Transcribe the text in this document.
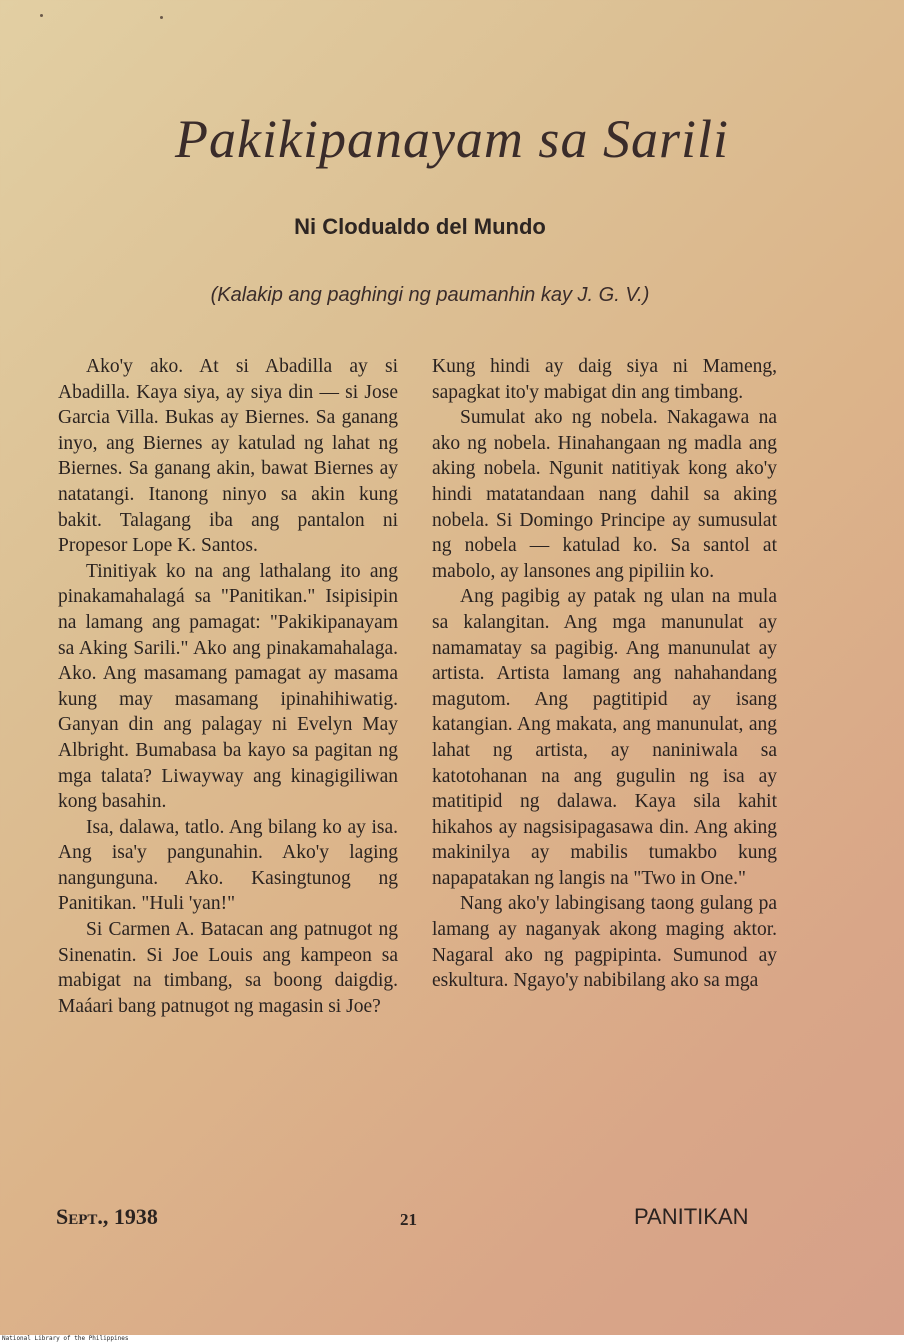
Pakikipanayam sa Sarili
Ni Clodualdo del Mundo
(Kalakip ang paghingi ng paumanhin kay J. G. V.)

Ako'y ako. At si Abadilla ay si Abadilla. Kaya siya, ay siya din — si Jose Garcia Villa. Bukas ay Biernes. Sa ganang inyo, ang Biernes ay katulad ng lahat ng Biernes. Sa ganang akin, bawat Biernes ay natatangi. Itanong ninyo sa akin kung bakit. Talagang iba ang pantalon ni Propesor Lope K. Santos.

Tinitiyak ko na ang lathalang ito ang pinakamahalagá sa "Panitikan." Isipisipin na lamang ang pamagat: "Pakikipanayam sa Aking Sarili." Ako ang pinakamahalaga. Ako. Ang masamang pamagat ay masama kung may masamang ipinahihiwatig. Ganyan din ang palagay ni Evelyn May Albright. Bumabasa ba kayo sa pagitan ng mga talata? Liwayway ang kinagigiliwan kong basahin.

Isa, dalawa, tatlo. Ang bilang ko ay isa. Ang isa'y pangunahin. Ako'y laging nangunguna. Ako. Kasingtunog ng Panitikan. "Huli 'yan!"

Si Carmen A. Batacan ang patnugot ng Sinenatin. Si Joe Louis ang kampeon sa mabigat na timbang, sa boong daigdig. Maáari bang patnugot ng magasin si Joe?

Kung hindi ay daig siya ni Mameng, sapagkat ito'y mabigat din ang timbang.

Sumulat ako ng nobela. Nakagawa na ako ng nobela. Hinahangaan ng madla ang aking nobela. Ngunit natitiyak kong ako'y hindi matatandaan nang dahil sa aking nobela. Si Domingo Principe ay sumusulat ng nobela — katulad ko. Sa santol at mabolo, ay lansones ang pipiliin ko.

Ang pagibig ay patak ng ulan na mula sa kalangitan. Ang mga manunulat ay namamatay sa pagibig. Ang manunulat ay artista. Artista lamang ang nahahandang magutom. Ang pagtitipid ay isang katangian. Ang makata, ang manunulat, ang lahat ng artista, ay naniniwala sa katotohanan na ang gugulin ng isa ay matitipid ng dalawa. Kaya sila kahit hikahos ay nagsisipagasawa din. Ang aking makinilya ay mabilis tumakbo kung napapatakan ng langis na "Two in One."

Nang ako'y labingisang taong gulang pa lamang ay naganyak akong maging aktor. Nagaral ako ng pagpipinta. Sumunod ay eskultura. Ngayo'y nabibilang ako sa mga

Sept., 1938	21	PANITIKAN
National Library of the Philippines
